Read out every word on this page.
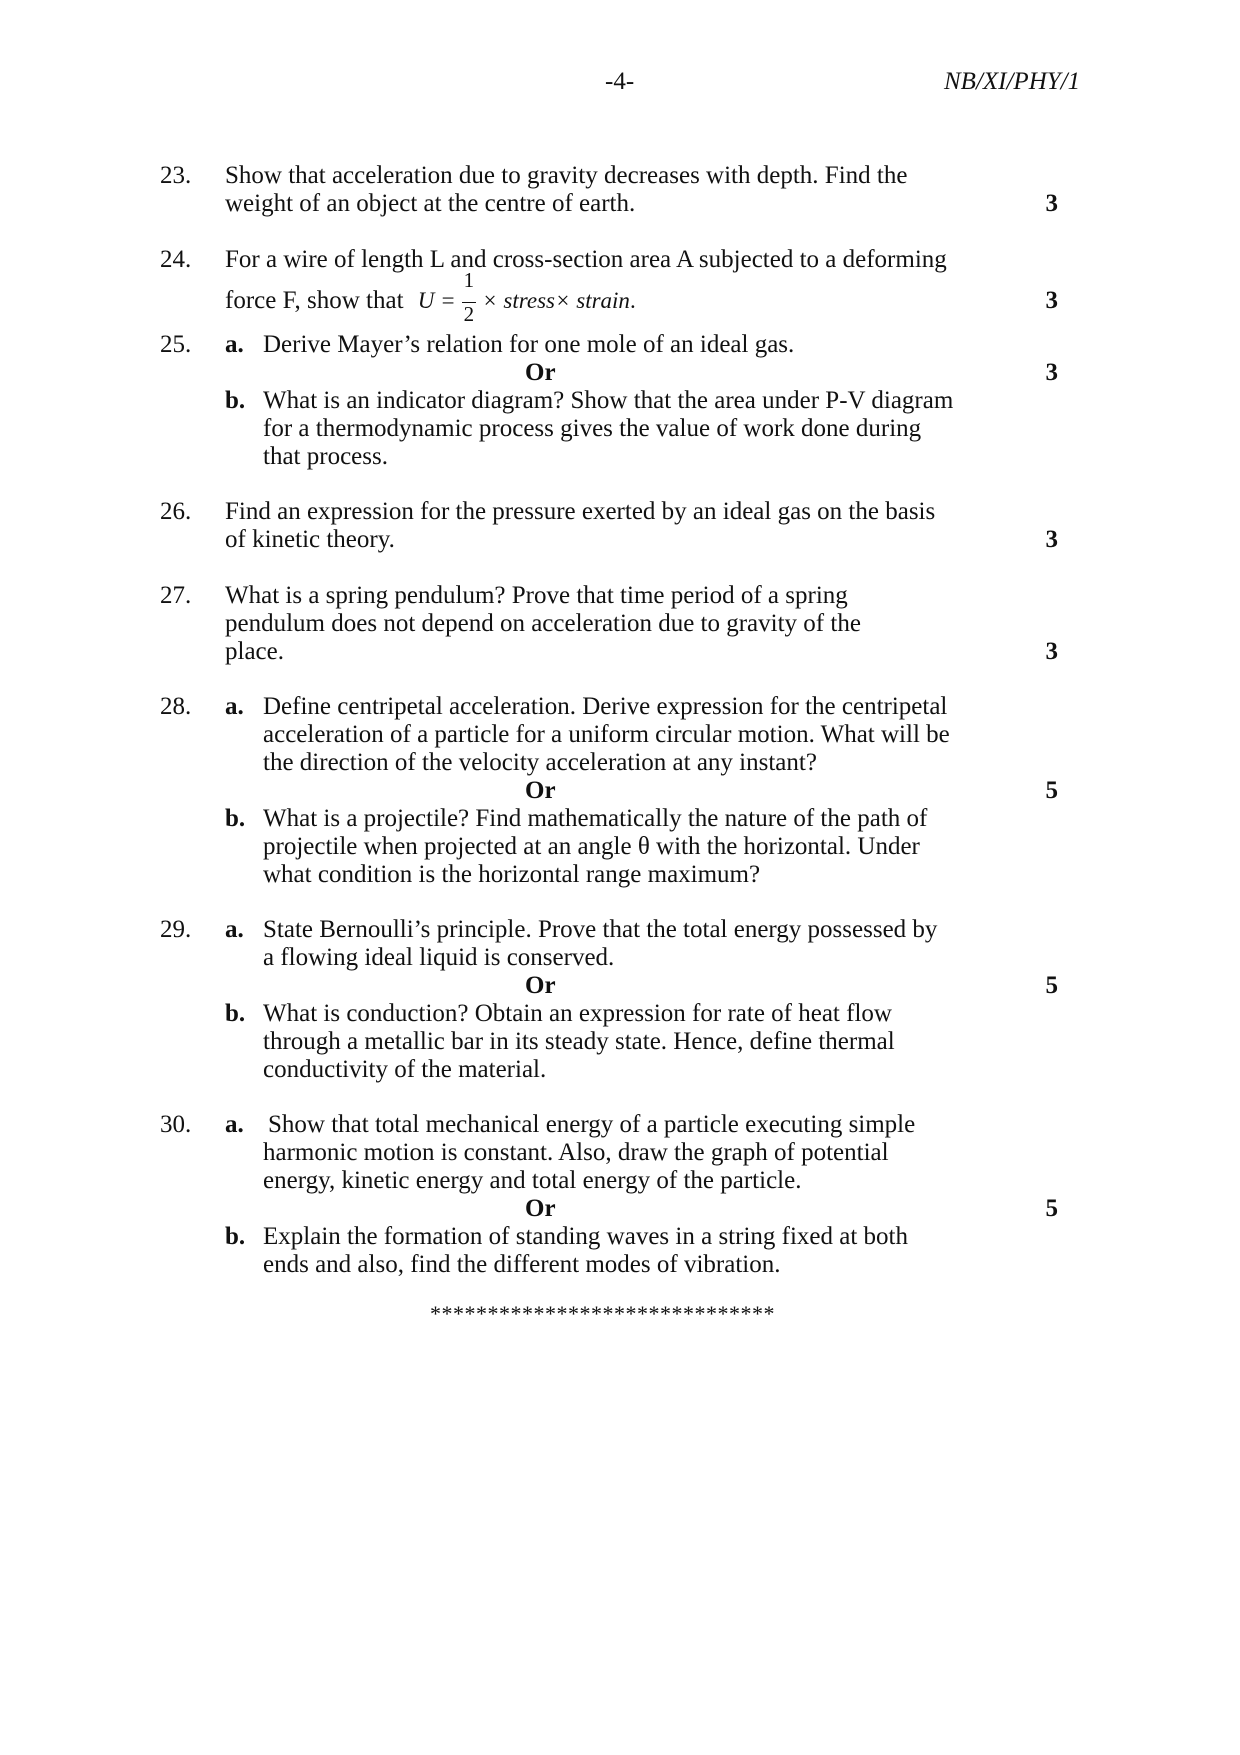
-4-	NB/XI/PHY/1
23. Show that acceleration due to gravity decreases with depth. Find the
weight of an object at the centre of earth.	3
24. For a wire of length L and cross-section area A subjected to a deforming
force F, show that $U = \frac{1}{2}$ × stress× strain.	3
25. a. Derive Mayer’s relation for one mole of an ideal gas.
Or	3
b. What is an indicator diagram? Show that the area under P-V diagram
for a thermodynamic process gives the value of work done during
that process.
26. Find an expression for the pressure exerted by an ideal gas on the basis
of kinetic theory.	3
27. What is a spring pendulum? Prove that time period of a spring
pendulum does not depend on acceleration due to gravity of the
place.	3
28. a. Define centripetal acceleration. Derive expression for the centripetal
acceleration of a particle for a uniform circular motion. What will be
the direction of the velocity acceleration at any instant?
Or	5
b. What is a projectile? Find mathematically the nature of the path of
projectile when projected at an angle θ with the horizontal. Under
what condition is the horizontal range maximum?
29. a. State Bernoulli’s principle. Prove that the total energy possessed by
a flowing ideal liquid is conserved.
Or	5
b. What is conduction? Obtain an expression for rate of heat flow
through a metallic bar in its steady state. Hence, define thermal
conductivity of the material.
30. a. Show that total mechanical energy of a particle executing simple
harmonic motion is constant. Also, draw the graph of potential
energy, kinetic energy and total energy of the particle.
Or	5
b. Explain the formation of standing waves in a string fixed at both
ends and also, find the different modes of vibration.
******************************
